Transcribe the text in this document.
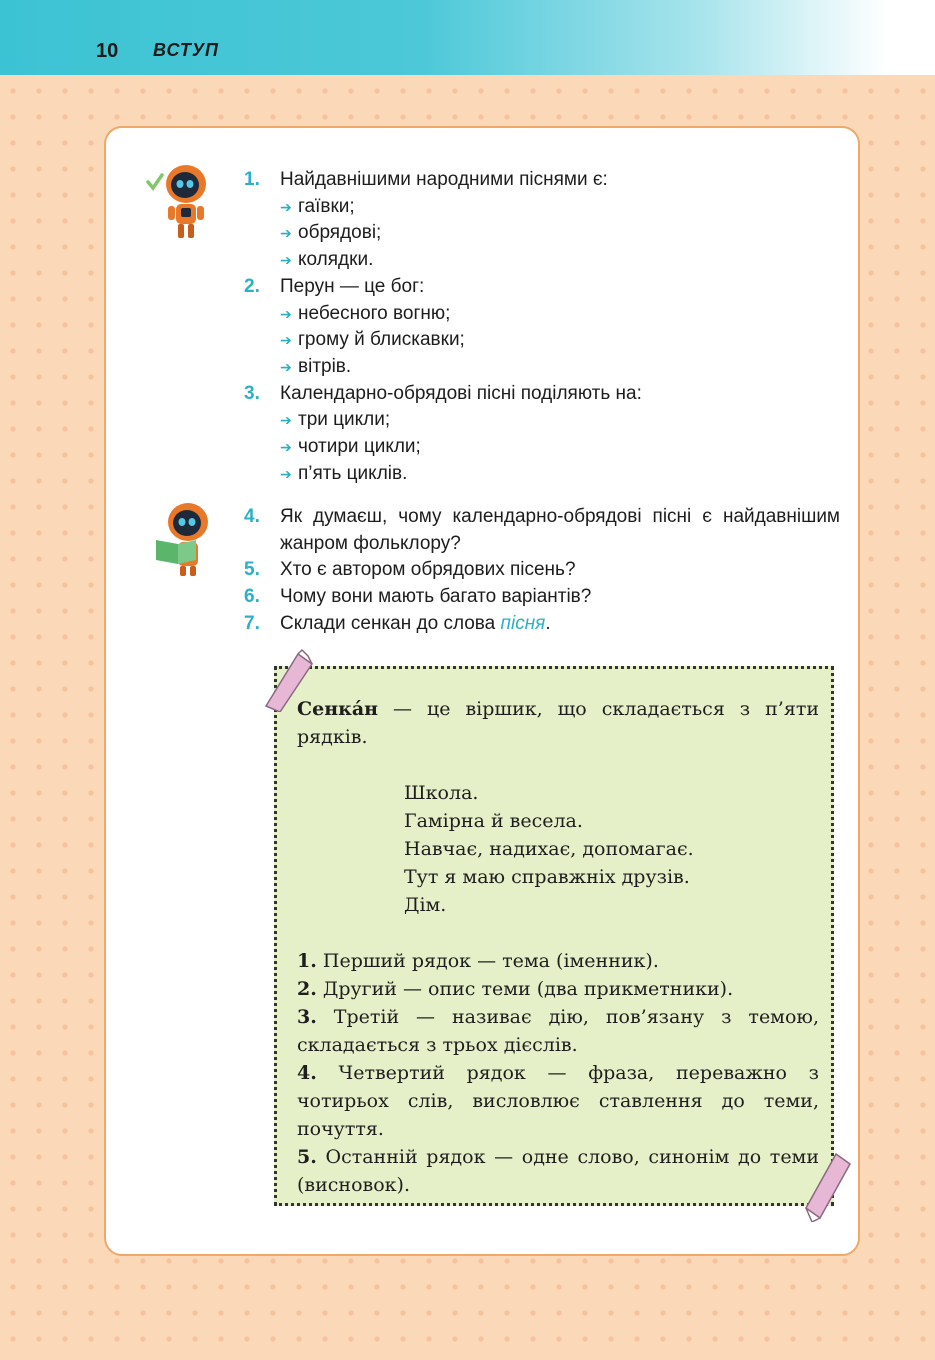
10 ВСТУП
1. Найдавнішими народними піснями є:
➔ гаївки;
➔ обрядові;
➔ колядки.
2. Перун — це бог:
➔ небесного вогню;
➔ грому й блискавки;
➔ вітрів.
3. Календарно-обрядові пісні поділяють на:
➔ три цикли;
➔ чотири цикли;
➔ п’ять циклів.
4. Як думаєш, чому календарно-обрядові пісні є найдавнішим жанром фольклору?
5. Хто є автором обрядових пісень?
6. Чому вони мають багато варіантів?
7. Склади сенкан до слова пісня.

Сенка́н — це віршик, що складається з п’яти рядків.

Школа.
Гамірна й весела.
Навчає, надихає, допомагає.
Тут я маю справжніх друзів.
Дім.

1. Перший рядок — тема (іменник).

2. Другий — опис теми (два прикметники).

3. Третій — називає дію, пов’язану з темою, складається з трьох дієслів.

4. Четвертий рядок — фраза, переважно з чотирьох слів, висловлює ставлення до теми, почуття.

5. Останній рядок — одне слово, синонім до теми (висновок).
